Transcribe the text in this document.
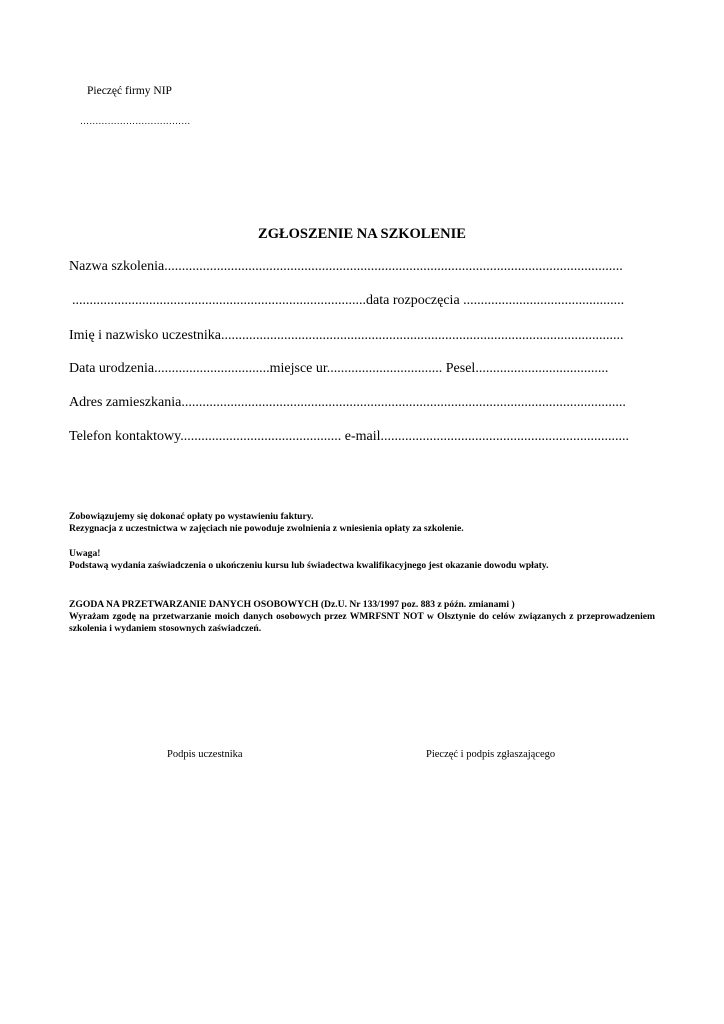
Pieczęć firmy NIP
………………………………
ZGŁOSZENIE NA SZKOLENIE
Nazwa szkolenia...................................................................................................................................
....................................................................................data rozpoczęcia ..............................................
Imię i nazwisko uczestnika...................................................................................................................
Data urodzenia.................................miejsce ur................................. Pesel......................................
Adres zamieszkania...............................................................................................................................
Telefon kontaktowy.............................................. e-mail.......................................................................
Zobowiązujemy się dokonać opłaty po wystawieniu faktury.
Rezygnacja z uczestnictwa w zajęciach nie powoduje zwolnienia z wniesienia opłaty za szkolenie.
Uwaga!
Podstawą wydania zaświadczenia o ukończeniu kursu lub świadectwa kwalifikacyjnego jest okazanie dowodu wpłaty.
ZGODA NA PRZETWARZANIE DANYCH OSOBOWYCH (Dz.U. Nr 133/1997 poz. 883 z późn. zmianami )
Wyrażam zgodę na przetwarzanie moich danych osobowych przez WMRFSNT NOT w Olsztynie do celów związanych z przeprowadzeniem szkolenia i wydaniem stosownych zaświadczeń.
Podpis uczestnika	Pieczęć i podpis zgłaszającego
